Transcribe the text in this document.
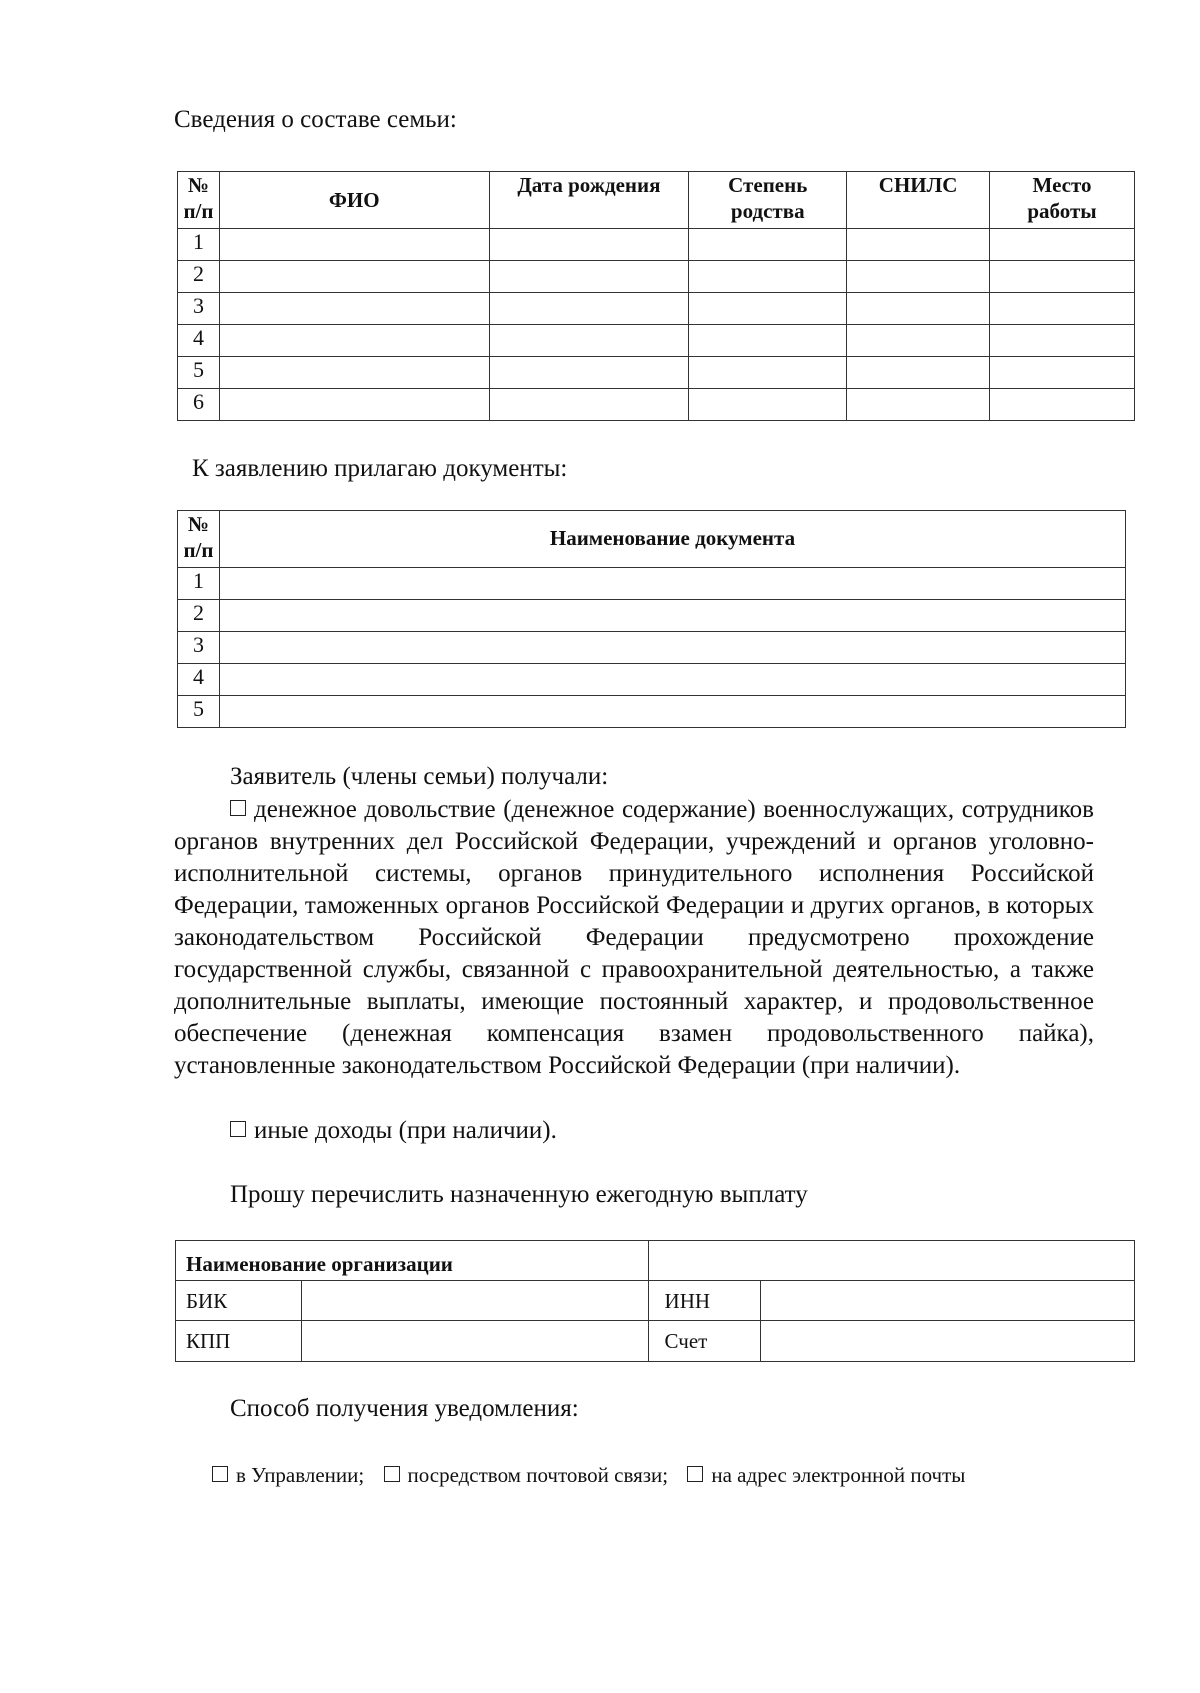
Сведения о составе семьи:
№ п/п	ФИО	Дата рождения	Степень родства	СНИЛС	Место работы
1					
2					
3					
4					
5					
6					
К заявлению прилагаю документы:
№ п/п	Наименование документа
1	
2	
3	
4	
5	
Заявитель (члены семьи) получали:
денежное довольствие (денежное содержание) военнослужащих, сотрудников органов внутренних дел Российской Федерации, учреждений и органов уголовно-исполнительной системы, органов принудительного исполнения Российской Федерации, таможенных органов Российской Федерации и других органов, в которых законодательством Российской Федерации предусмотрено прохождение государственной службы, связанной с правоохранительной деятельностью, а также дополнительные выплаты, имеющие постоянный характер, и продовольственное обеспечение (денежная компенсация взамен продовольственного пайка), установленные законодательством Российской Федерации (при наличии).
иные доходы (при наличии).
Прошу перечислить назначенную ежегодную выплату
Наименование организации			
БИК		ИНН	
КПП		Счет	
Способ получения уведомления:
в Управлении; посредством почтовой связи; на адрес электронной почты
